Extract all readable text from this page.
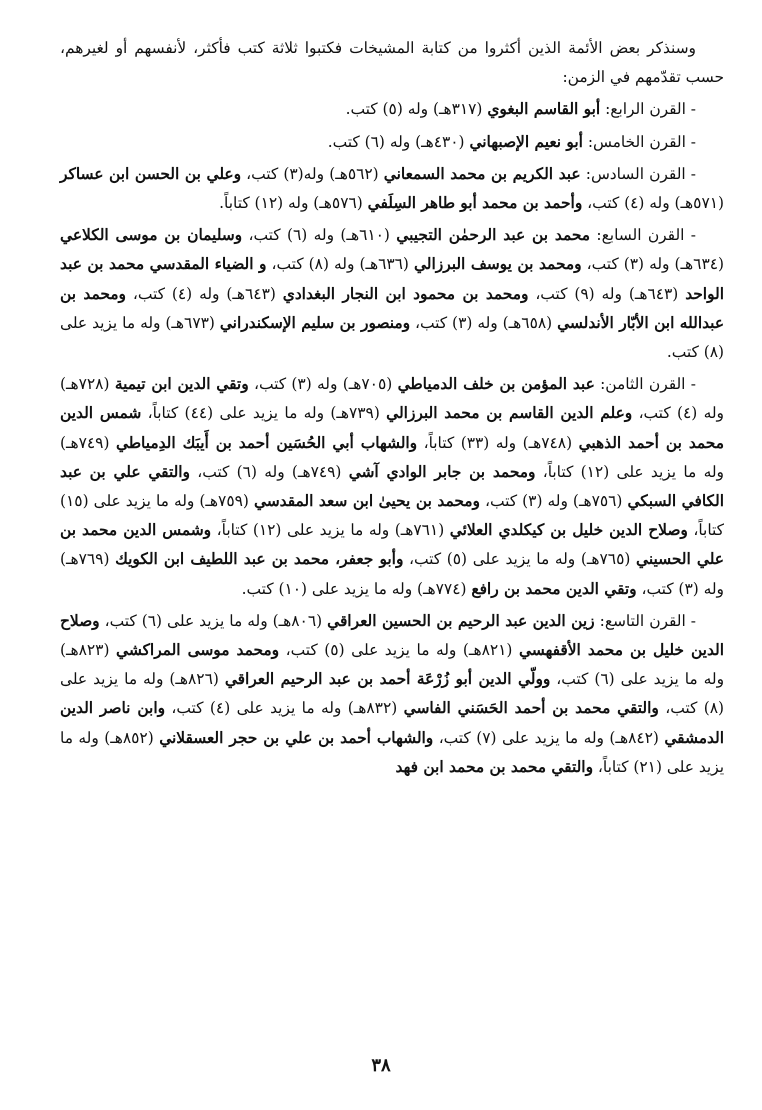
وسنذكر بعض الأئمة الذين أكثروا من كتابة المشيخات فكتبوا ثلاثة كتب فأكثر، لأنفسهم أو لغيرهم، حسب تقدّمهم في الزمن:

- القرن الرابع: أبو القاسم البغوي (٣١٧هـ) وله (٥) كتب.

- القرن الخامس: أبو نعيم الإصبهاني (٤٣٠هـ) وله (٦) كتب.

- القرن السادس: عبد الكريم بن محمد السمعاني (٥٦٢هـ) وله(٣) كتب، وعلي بن الحسن ابن عساكر (٥٧١هـ) وله (٤) كتب، وأحمد بن محمد أبو طاهر السِلَفي (٥٧٦هـ) وله (١٢) كتاباً.

- القرن السابع: محمد بن عبد الرحمٰن التجيبي (٦١٠هـ) وله (٦) كتب، وسليمان بن موسى الكلاعي (٦٣٤هـ) وله (٣) كتب، ومحمد بن يوسف البرزالي (٦٣٦هـ) وله (٨) كتب، و الضياء المقدسي محمد بن عبد الواحد (٦٤٣هـ) وله (٩) كتب، ومحمد بن محمود ابن النجار البغدادي (٦٤٣هـ) وله (٤) كتب، ومحمد بن عبدالله ابن الأبّار الأندلسي (٦٥٨هـ) وله (٣) كتب، ومنصور بن سليم الإسكندراني (٦٧٣هـ) وله ما يزيد على (٨) كتب.

- القرن الثامن: عبد المؤمن بن خلف الدمياطي (٧٠٥هـ) وله (٣) كتب، وتقي الدين ابن تيمية (٧٢٨هـ) وله (٤) كتب، وعلم الدين القاسم بن محمد البرزالي (٧٣٩هـ) وله ما يزيد على (٤٤) كتاباً، شمس الدين محمد بن أحمد الذهبي (٧٤٨هـ) وله (٣٣) كتاباً، والشهاب أبي الحُسَين أحمد بن أَيبَك الدِمياطي (٧٤٩هـ) وله ما يزيد على (١٢) كتاباً، ومحمد بن جابر الوادي آشي (٧٤٩هـ) وله (٦) كتب، والتقي علي بن عبد الكافي السبكي (٧٥٦هـ) وله (٣) كتب، ومحمد بن يحيىٰ ابن سعد المقدسي (٧٥٩هـ) وله ما يزيد على (١٥) كتاباً، وصلاح الدين خليل بن كيكلدي العلائي (٧٦١هـ) وله ما يزيد على (١٢) كتاباً، وشمس الدين محمد بن علي الحسيني (٧٦٥هـ) وله ما يزيد على (٥) كتب، وأبو جعفر، محمد بن عبد اللطيف ابن الكويك (٧٦٩هـ) وله (٣) كتب، وتقي الدين محمد بن رافع (٧٧٤هـ) وله ما يزيد على (١٠) كتب.

- القرن التاسع: زين الدين عبد الرحيم بن الحسين العراقي (٨٠٦هـ) وله ما يزيد على (٦) كتب، وصلاح الدين خليل بن محمد الأقفهسي (٨٢١هـ) وله ما يزيد على (٥) كتب، ومحمد موسى المراكشي (٨٢٣هـ) وله ما يزيد على (٦) كتب، وولّي الدين أبو زُرْعَة أحمد بن عبد الرحيم العراقي (٨٢٦هـ) وله ما يزيد على (٨) كتب، والتقي محمد بن أحمد الحَسَني الفاسي (٨٣٢هـ) وله ما يزيد على (٤) كتب، وابن ناصر الدين الدمشقي (٨٤٢هـ) وله ما يزيد على (٧) كتب، والشهاب أحمد بن علي بن حجر العسقلاني (٨٥٢هـ) وله ما يزيد على (٢١) كتاباً، والتقي محمد بن محمد ابن فهد

٣٨
